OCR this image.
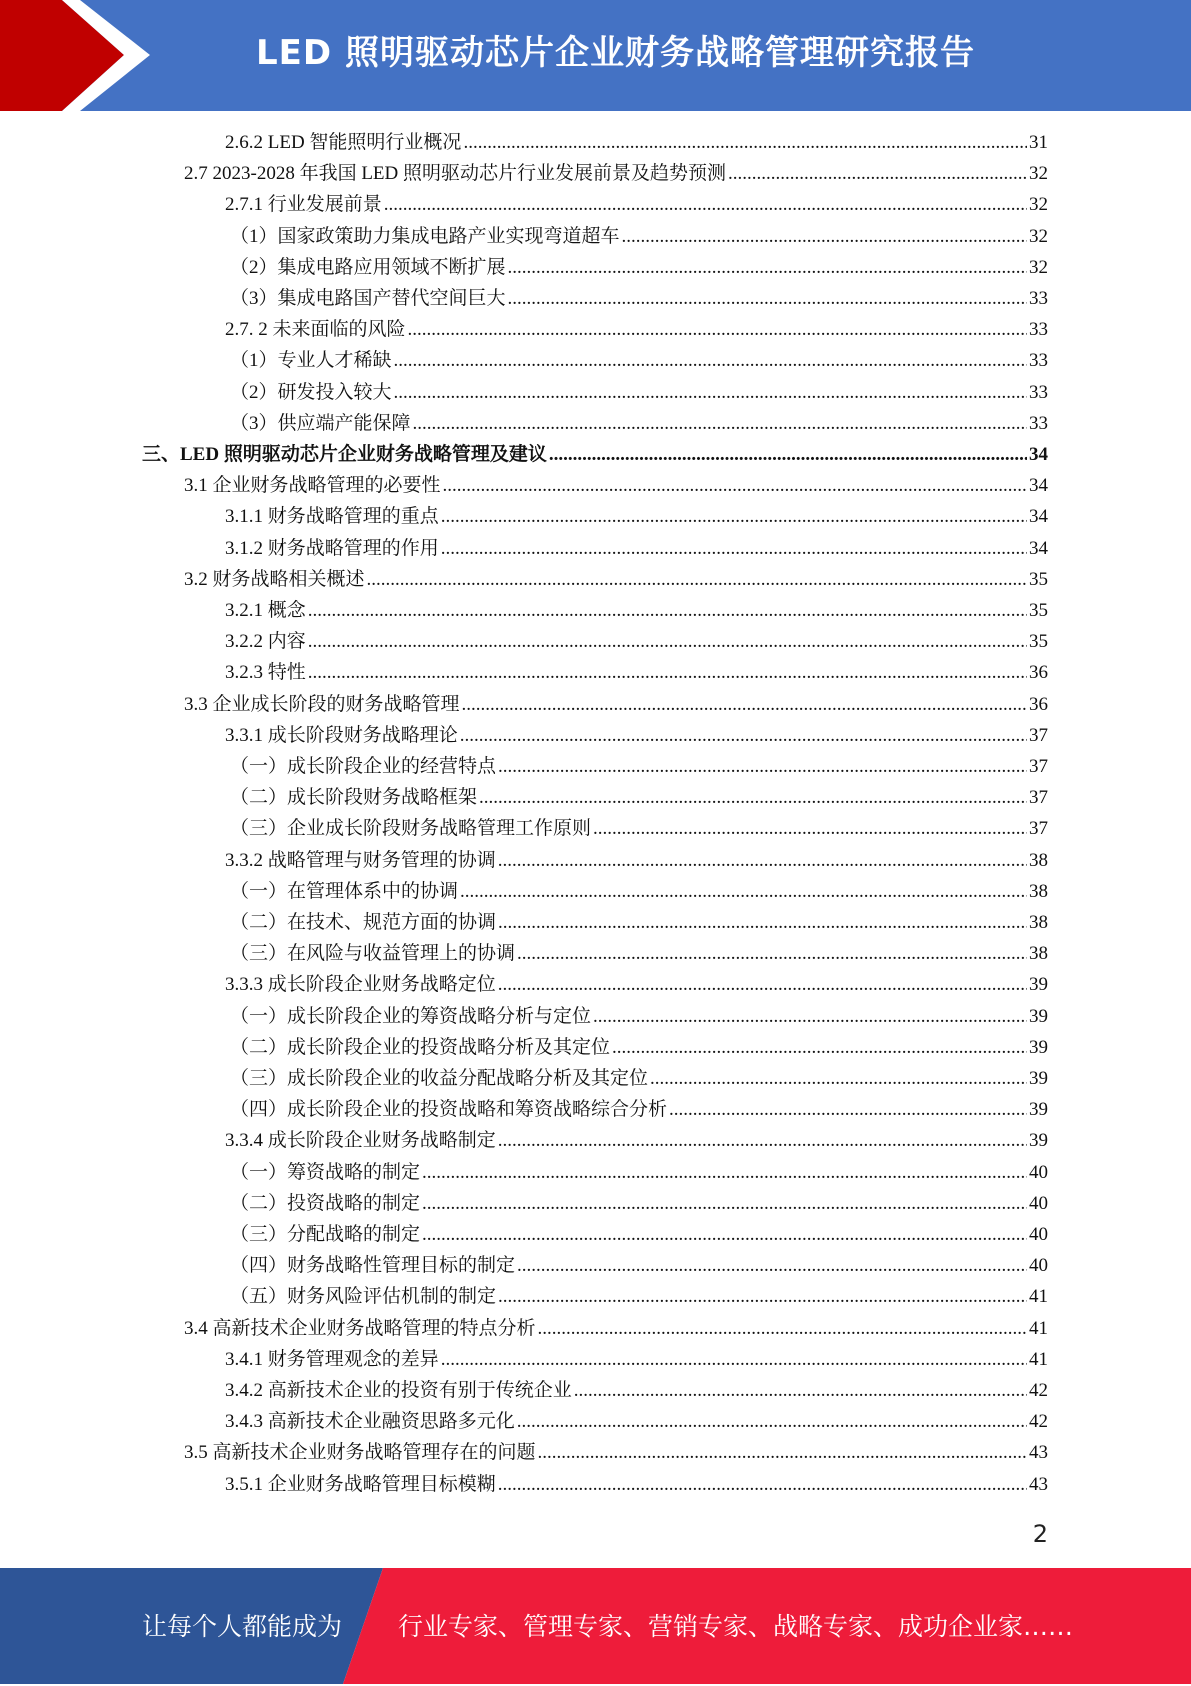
LED 照明驱动芯片企业财务战略管理研究报告
2.6.2 LED 智能照明行业概况 .....	31
2.7 2023-2028 年我国 LED 照明驱动芯片行业发展前景及趋势预测 .....	32
2.7.1 行业发展前景 .....	32
（1）国家政策助力集成电路产业实现弯道超车 .....	32
（2）集成电路应用领域不断扩展 .....	32
（3）集成电路国产替代空间巨大 .....	33
2.7. 2 未来面临的风险 .....	33
（1）专业人才稀缺 .....	33
（2）研发投入较大 .....	33
（3）供应端产能保障 .....	33
三、LED 照明驱动芯片企业财务战略管理及建议 .....	34
3.1 企业财务战略管理的必要性 .....	34
3.1.1 财务战略管理的重点 .....	34
3.1.2 财务战略管理的作用 .....	34
3.2 财务战略相关概述 .....	35
3.2.1 概念 .....	35
3.2.2 内容 .....	35
3.2.3 特性 .....	36
3.3 企业成长阶段的财务战略管理 .....	36
3.3.1 成长阶段财务战略理论 .....	37
（一）成长阶段企业的经营特点 .....	37
（二）成长阶段财务战略框架 .....	37
（三）企业成长阶段财务战略管理工作原则 .....	37
3.3.2 战略管理与财务管理的协调 .....	38
（一）在管理体系中的协调 .....	38
（二）在技术、规范方面的协调 .....	38
（三）在风险与收益管理上的协调 .....	38
3.3.3 成长阶段企业财务战略定位 .....	39
（一）成长阶段企业的筹资战略分析与定位 .....	39
（二）成长阶段企业的投资战略分析及其定位 .....	39
（三）成长阶段企业的收益分配战略分析及其定位 .....	39
（四）成长阶段企业的投资战略和筹资战略综合分析 .....	39
3.3.4 成长阶段企业财务战略制定 .....	39
（一）筹资战略的制定 .....	40
（二）投资战略的制定 .....	40
（三）分配战略的制定 .....	40
（四）财务战略性管理目标的制定 .....	40
（五）财务风险评估机制的制定 .....	41
3.4 高新技术企业财务战略管理的特点分析 .....	41
3.4.1 财务管理观念的差异 .....	41
3.4.2 高新技术企业的投资有别于传统企业 .....	42
3.4.3 高新技术企业融资思路多元化 .....	42
3.5 高新技术企业财务战略管理存在的问题 .....	43
3.5.1 企业财务战略管理目标模糊 .....	43
2
让每个人都能成为 行业专家、管理专家、营销专家、战略专家、成功企业家……
